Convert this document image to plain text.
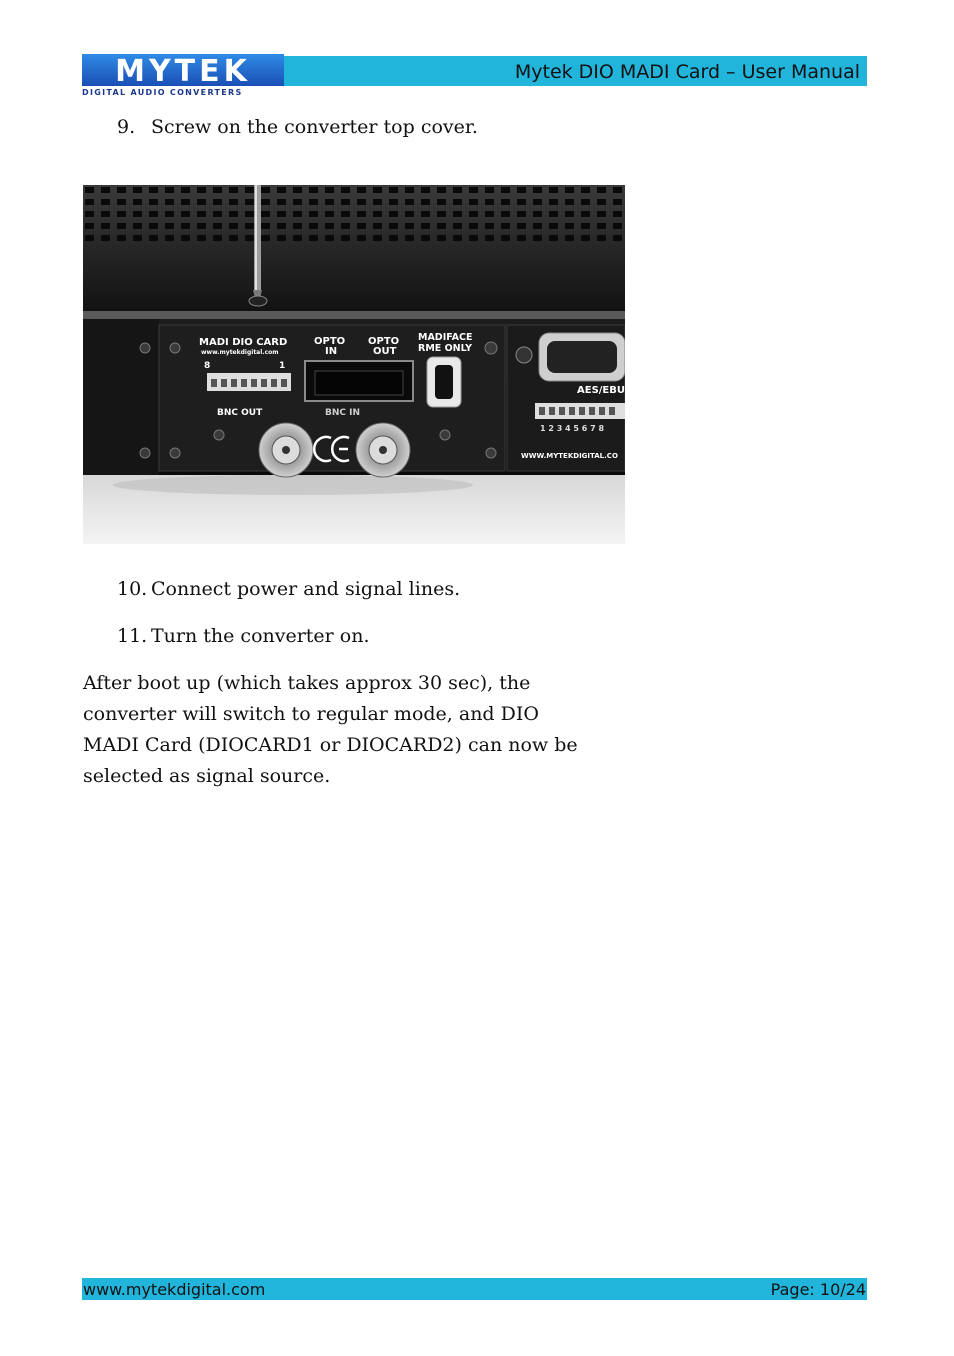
MYTEK
DIGITAL AUDIO CONVERTERS
Mytek DIO MADI Card – User Manual
9. Screw on the converter top cover.
MADI DIO CARD
www.mytekdigital.com
8	1
BNC OUT	BNC IN
OPTO
IN
OPTO
OUT
MADIFACE
RME ONLY
AES/EBU
1 2 3 4 5 6 7 8
WWW.MYTEKDIGITAL.CO
10. Connect power and signal lines.
11. Turn the converter on.
After boot up (which takes approx 30 sec), the
converter will switch to regular mode, and DIO
MADI Card (DIOCARD1 or DIOCARD2) can now be
selected as signal source.
www.mytekdigital.com	Page: 10/24
